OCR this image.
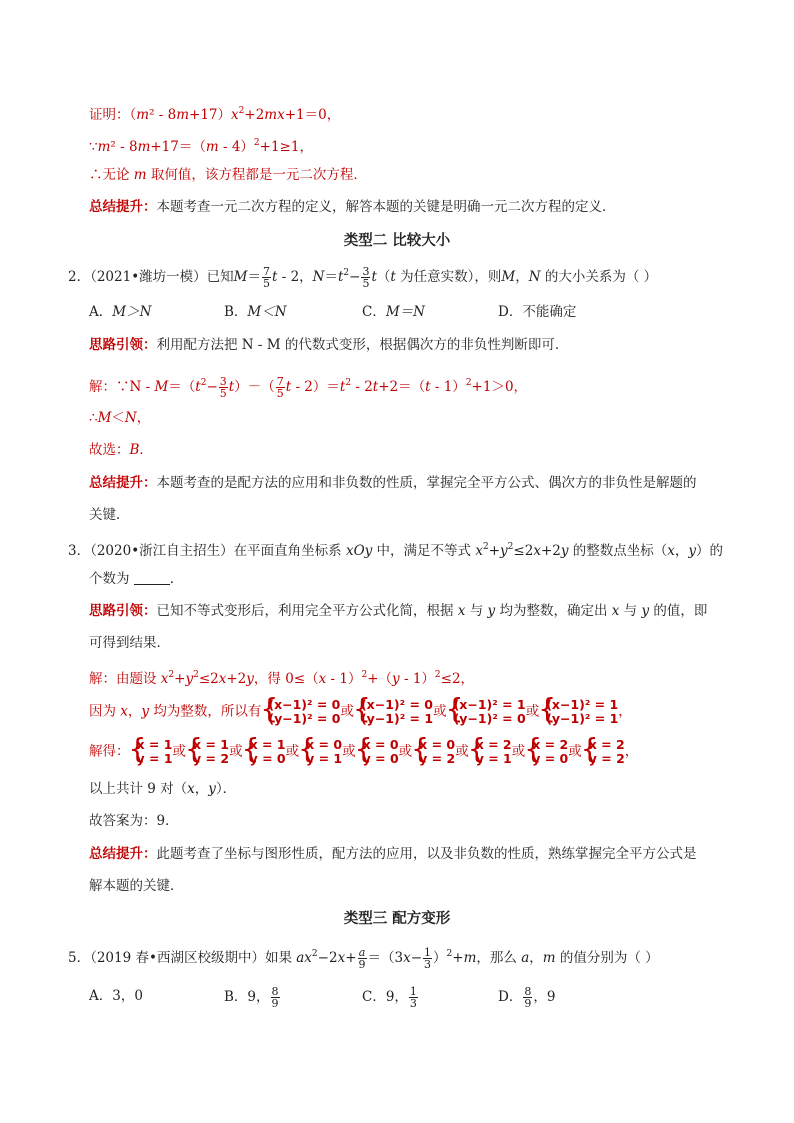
证明：$(m^2 - 8m+17)x^2+2mx+1=0$，
∵m² - 8m+17＝（m - 4）$^2$+1≥1，
∴无论 m 取何值，该方程都是一元二次方程．
总结提升：本题考查一元二次方程的定义，解答本题的关键是明确一元二次方程的定义．
类型二 比较大小
2．（2021•潍坊一模）已知$M= \frac{7}{5}$ t - 2，$N=t^2- \frac{3}{5} t(t$ 为任意实数），则M，N 的大小关系为（ ）
A．M＞N	B．M＜N	C．M＝N	D．不能确定
思路引领：利用配方法把 N - M 的代数式变形，根据偶次方的非负性判断即可．
解：∵N - $M=(t^2- \frac{3}{5} t)-( \frac{7}{5}$ $t - 2)=t^2 - 2t+2=(t - 1)^2+1>0$，
∴M＜N，
故选：B．
总结提升：本题考查的是配方法的应用和非负数的性质，掌握完全平方公式、偶次方的非负性是解题的
关键．
3．（2020•浙江自主招生）在平面直角坐标系 xOy 中，满足不等式 $x^2+y^2\le 2x+2y$ 的整数点坐标（x，y）的
个数为	．
思路引领：已知不等式变形后，利用完全平方公式化简，根据 x 与 y 均为整数，确定出 x 与 y 的值，即
可得到结果．
解：由题设 $x^2+y^2\le 2x+2y$，得 0≤（x - 1）$^2$+（y - 1）$^2$≤2，
因为 x，y 均为整数，所以有 { (x−1)² = 0
(y−1)² = 0 或 { (x−1)² = 0
(y−1)² = 1 或 { (x−1)² = 1
(y−1)² = 0 或 { (x−1)² = 1
(y−1)² = 1 ，
解得： { x = 1
y = 1 或 { x = 1
y = 2 或 { x = 1
y = 0 或 { x = 0
y = 1 或 { x = 0
y = 0 或 { x = 0
y = 2 或 { x = 2
y = 1 或 { x = 2
y = 0 或 { x = 2
y = 2 ，
以上共计 9 对（x，y）．
故答案为：9．
总结提升：此题考查了坐标与图形性质，配方法的应用，以及非负数的性质，熟练掌握完全平方公式是
解本题的关键．
类型三 配方变形
5．（2019 春•西湖区校级期中）如果 $ax^2-2x+ \frac{a}{9} =(3x- \frac{1}{3} )^2+m$，那么 a，m 的值分别为（ ）
A．3，0	B．9， $\frac{8}{9}$	C．9， $\frac{1}{3}$	D． $\frac{8}{9}$ ，9
